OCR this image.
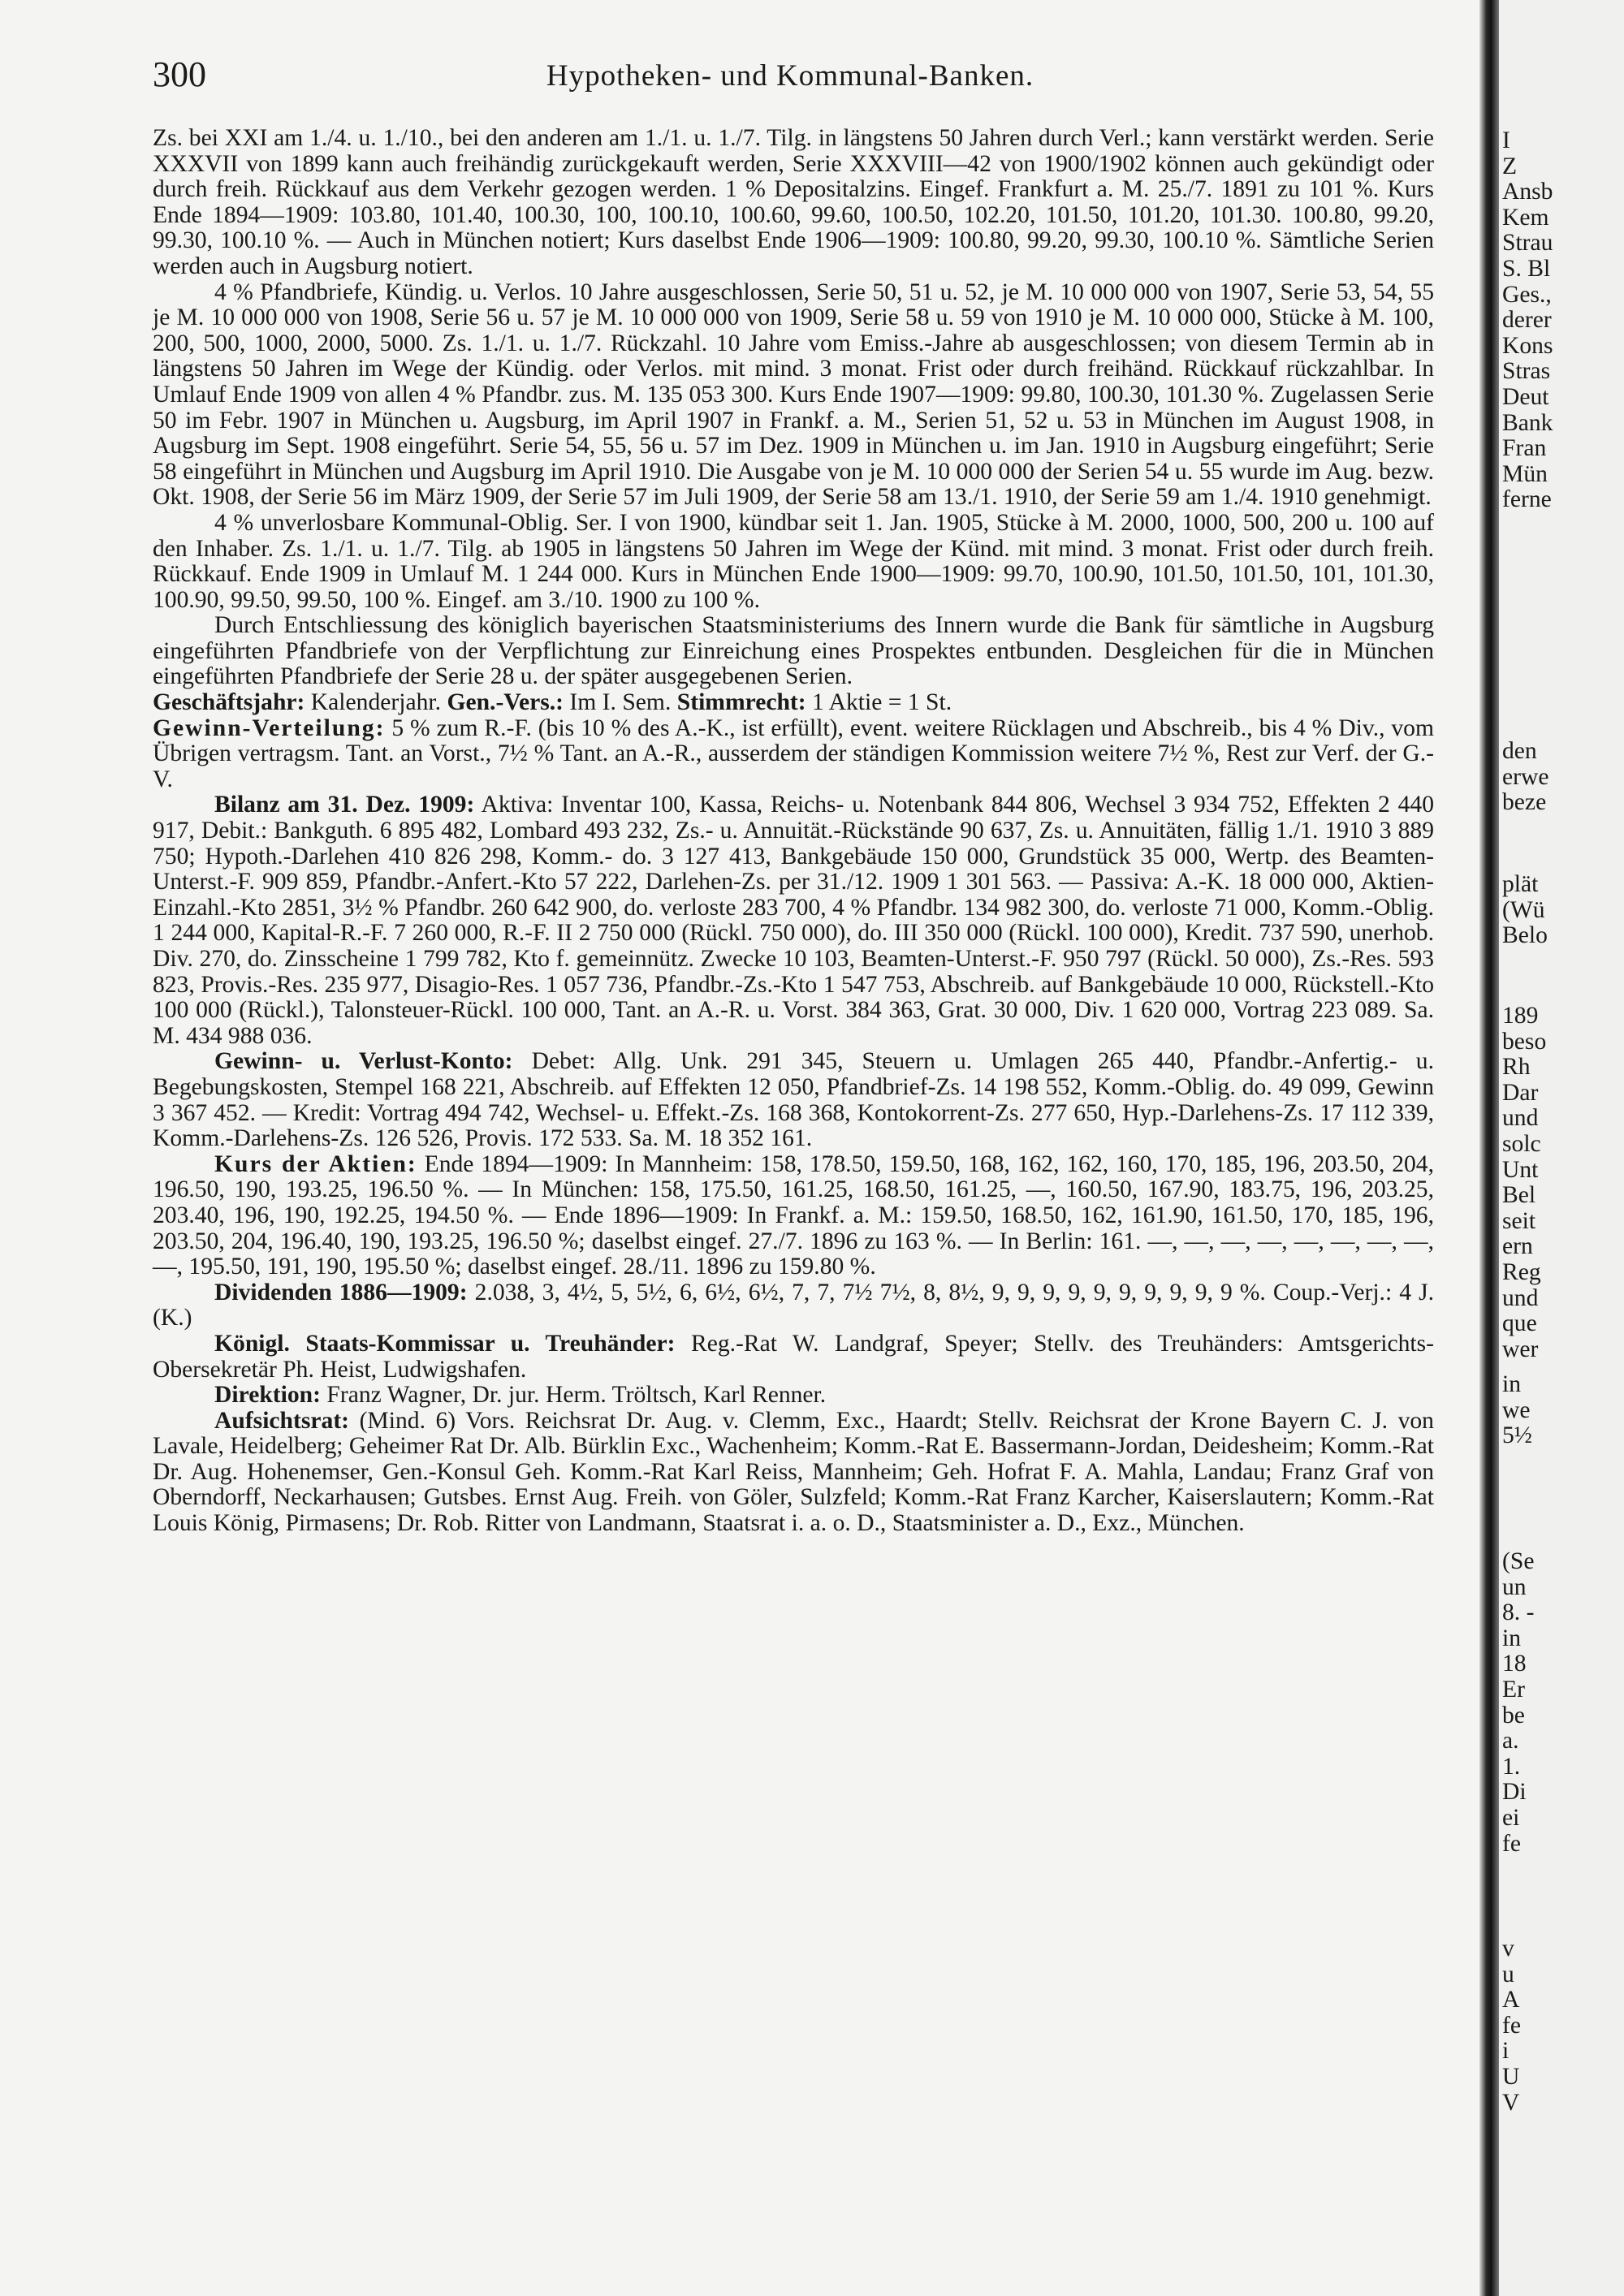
300	Hypotheken- und Kommunal-Banken.

Zs. bei XXI am 1./4. u. 1./10., bei den anderen am 1./1. u. 1./7. Tilg. in längstens 50 Jahren durch Verl.; kann verstärkt werden. Serie XXXVII von 1899 kann auch freihändig zurückgekauft werden, Serie XXXVIII—42 von 1900/1902 können auch gekündigt oder durch freih. Rückkauf aus dem Verkehr gezogen werden. 1 % Depositalzins. Eingef. Frankfurt a. M. 25./7. 1891 zu 101 %. Kurs Ende 1894—1909: 103.80, 101.40, 100.30, 100, 100.10, 100.60, 99.60, 100.50, 102.20, 101.50, 101.20, 101.30. 100.80, 99.20, 99.30, 100.10 %. — Auch in München notiert; Kurs daselbst Ende 1906—1909: 100.80, 99.20, 99.30, 100.10 %. Sämtliche Serien werden auch in Augsburg notiert.

4 % Pfandbriefe, Kündig. u. Verlos. 10 Jahre ausgeschlossen, Serie 50, 51 u. 52, je M. 10 000 000 von 1907, Serie 53, 54, 55 je M. 10 000 000 von 1908, Serie 56 u. 57 je M. 10 000 000 von 1909, Serie 58 u. 59 von 1910 je M. 10 000 000, Stücke à M. 100, 200, 500, 1000, 2000, 5000. Zs. 1./1. u. 1./7. Rückzahl. 10 Jahre vom Emiss.-Jahre ab ausgeschlossen; von diesem Termin ab in längstens 50 Jahren im Wege der Kündig. oder Verlos. mit mind. 3 monat. Frist oder durch freihänd. Rückkauf rückzahlbar. In Umlauf Ende 1909 von allen 4 % Pfandbr. zus. M. 135 053 300. Kurs Ende 1907—1909: 99.80, 100.30, 101.30 %. Zugelassen Serie 50 im Febr. 1907 in München u. Augsburg, im April 1907 in Frankf. a. M., Serien 51, 52 u. 53 in München im August 1908, in Augsburg im Sept. 1908 eingeführt. Serie 54, 55, 56 u. 57 im Dez. 1909 in München u. im Jan. 1910 in Augsburg eingeführt; Serie 58 eingeführt in München und Augsburg im April 1910. Die Ausgabe von je M. 10 000 000 der Serien 54 u. 55 wurde im Aug. bezw. Okt. 1908, der Serie 56 im März 1909, der Serie 57 im Juli 1909, der Serie 58 am 13./1. 1910, der Serie 59 am 1./4. 1910 genehmigt.

4 % unverlosbare Kommunal-Oblig. Ser. I von 1900, kündbar seit 1. Jan. 1905, Stücke à M. 2000, 1000, 500, 200 u. 100 auf den Inhaber. Zs. 1./1. u. 1./7. Tilg. ab 1905 in längstens 50 Jahren im Wege der Künd. mit mind. 3 monat. Frist oder durch freih. Rückkauf. Ende 1909 in Umlauf M. 1 244 000. Kurs in München Ende 1900—1909: 99.70, 100.90, 101.50, 101.50, 101, 101.30, 100.90, 99.50, 99.50, 100 %. Eingef. am 3./10. 1900 zu 100 %.

Durch Entschliessung des königlich bayerischen Staatsministeriums des Innern wurde die Bank für sämtliche in Augsburg eingeführten Pfandbriefe von der Verpflichtung zur Einreichung eines Prospektes entbunden. Desgleichen für die in München eingeführten Pfandbriefe der Serie 28 u. der später ausgegebenen Serien.

Geschäftsjahr: Kalenderjahr. Gen.-Vers.: Im I. Sem. Stimmrecht: 1 Aktie = 1 St.

Gewinn-Verteilung: 5 % zum R.-F. (bis 10 % des A.-K., ist erfüllt), event. weitere Rücklagen und Abschreib., bis 4 % Div., vom Übrigen vertragsm. Tant. an Vorst., 7½ % Tant. an A.-R., ausserdem der ständigen Kommission weitere 7½ %, Rest zur Verf. der G.-V.

Bilanz am 31. Dez. 1909: Aktiva: Inventar 100, Kassa, Reichs- u. Notenbank 844 806, Wechsel 3 934 752, Effekten 2 440 917, Debit.: Bankguth. 6 895 482, Lombard 493 232, Zs.- u. Annuität.-Rückstände 90 637, Zs. u. Annuitäten, fällig 1./1. 1910 3 889 750; Hypoth.-Darlehen 410 826 298, Komm.- do. 3 127 413, Bankgebäude 150 000, Grundstück 35 000, Wertp. des Beamten-Unterst.-F. 909 859, Pfandbr.-Anfert.-Kto 57 222, Darlehen-Zs. per 31./12. 1909 1 301 563. — Passiva: A.-K. 18 000 000, Aktien-Einzahl.-Kto 2851, 3½ % Pfandbr. 260 642 900, do. verloste 283 700, 4 % Pfandbr. 134 982 300, do. verloste 71 000, Komm.-Oblig. 1 244 000, Kapital-R.-F. 7 260 000, R.-F. II 2 750 000 (Rückl. 750 000), do. III 350 000 (Rückl. 100 000), Kredit. 737 590, unerhob. Div. 270, do. Zinsscheine 1 799 782, Kto f. gemeinnütz. Zwecke 10 103, Beamten-Unterst.-F. 950 797 (Rückl. 50 000), Zs.-Res. 593 823, Provis.-Res. 235 977, Disagio-Res. 1 057 736, Pfandbr.-Zs.-Kto 1 547 753, Abschreib. auf Bankgebäude 10 000, Rückstell.-Kto 100 000 (Rückl.), Talonsteuer-Rückl. 100 000, Tant. an A.-R. u. Vorst. 384 363, Grat. 30 000, Div. 1 620 000, Vortrag 223 089. Sa. M. 434 988 036.

Gewinn- u. Verlust-Konto: Debet: Allg. Unk. 291 345, Steuern u. Umlagen 265 440, Pfandbr.-Anfertig.- u. Begebungskosten, Stempel 168 221, Abschreib. auf Effekten 12 050, Pfandbrief-Zs. 14 198 552, Komm.-Oblig. do. 49 099, Gewinn 3 367 452. — Kredit: Vortrag 494 742, Wechsel- u. Effekt.-Zs. 168 368, Kontokorrent-Zs. 277 650, Hyp.-Darlehens-Zs. 17 112 339, Komm.-Darlehens-Zs. 126 526, Provis. 172 533. Sa. M. 18 352 161.

Kurs der Aktien: Ende 1894—1909: In Mannheim: 158, 178.50, 159.50, 168, 162, 162, 160, 170, 185, 196, 203.50, 204, 196.50, 190, 193.25, 196.50 %. — In München: 158, 175.50, 161.25, 168.50, 161.25, —, 160.50, 167.90, 183.75, 196, 203.25, 203.40, 196, 190, 192.25, 194.50 %. — Ende 1896—1909: In Frankf. a. M.: 159.50, 168.50, 162, 161.90, 161.50, 170, 185, 196, 203.50, 204, 196.40, 190, 193.25, 196.50 %; daselbst eingef. 27./7. 1896 zu 163 %. — In Berlin: 161. —, —, —, —, —, —, —, —, —, 195.50, 191, 190, 195.50 %; daselbst eingef. 28./11. 1896 zu 159.80 %.

Dividenden 1886—1909: 2.038, 3, 4½, 5, 5½, 6, 6½, 6½, 7, 7, 7½ 7½, 8, 8½, 9, 9, 9, 9, 9, 9, 9, 9, 9, 9 %. Coup.-Verj.: 4 J. (K.)

Königl. Staats-Kommissar u. Treuhänder: Reg.-Rat W. Landgraf, Speyer; Stellv. des Treuhänders: Amtsgerichts-Obersekretär Ph. Heist, Ludwigshafen.

Direktion: Franz Wagner, Dr. jur. Herm. Tröltsch, Karl Renner.

Aufsichtsrat: (Mind. 6) Vors. Reichsrat Dr. Aug. v. Clemm, Exc., Haardt; Stellv. Reichsrat der Krone Bayern C. J. von Lavale, Heidelberg; Geheimer Rat Dr. Alb. Bürklin Exc., Wachenheim; Komm.-Rat E. Bassermann-Jordan, Deidesheim; Komm.-Rat Dr. Aug. Hohenemser, Gen.-Konsul Geh. Komm.-Rat Karl Reiss, Mannheim; Geh. Hofrat F. A. Mahla, Landau; Franz Graf von Oberndorff, Neckarhausen; Gutsbes. Ernst Aug. Freih. von Göler, Sulzfeld; Komm.-Rat Franz Karcher, Kaiserslautern; Komm.-Rat Louis König, Pirmasens; Dr. Rob. Ritter von Landmann, Staatsrat i. a. o. D., Staatsminister a. D., Exz., München.

I
Z
Ansb
Kem
Strau
S. Bl
Ges.,
derer
Kons
Stras
Deut
Bank
Fran
Mün
ferne
den
erwe
beze
plät
(Wü
Belo
189
beso
Rh
Dar
und
solc
Unt
Bel
seit
ern
Reg
und
que
wer
in
we
5½
(Se
un
8. -
in
18
Er
be
a.
1.
Di
ei
fe
v
u
A
fe
i
U
V
